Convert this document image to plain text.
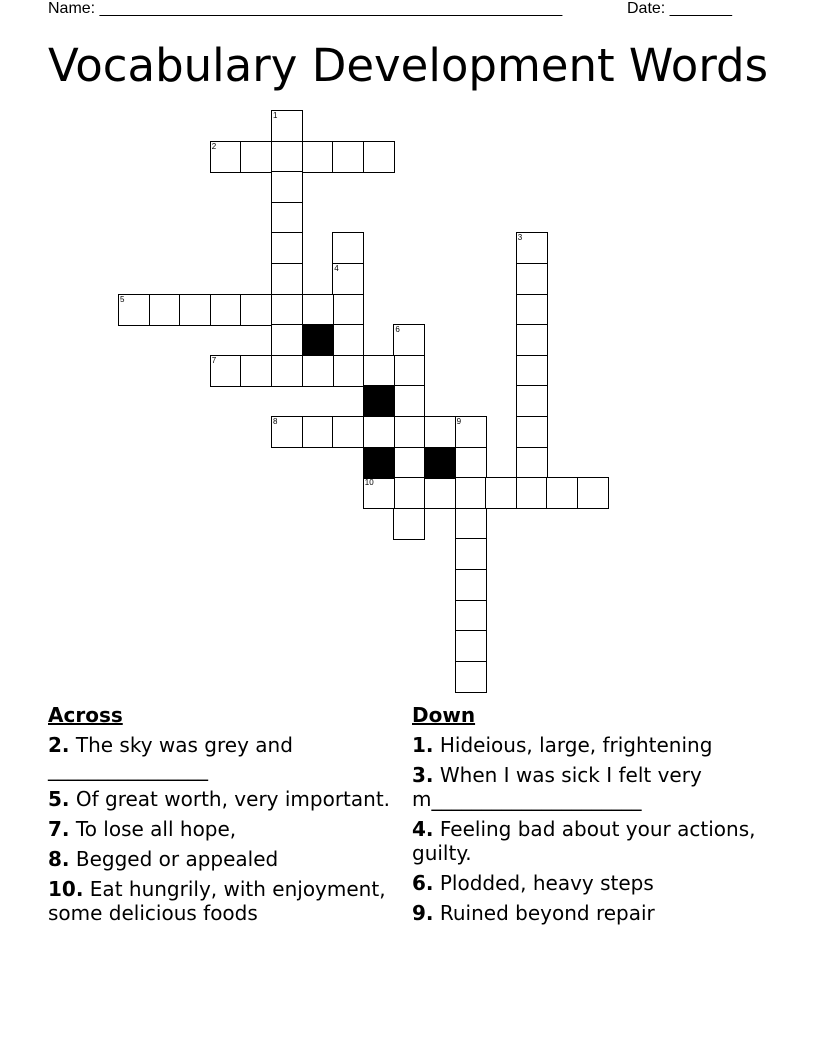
Name: ____________________________________________________	Date: _______
Vocabulary Development Words
2
1
4
5
3
6
7
8	9
10
Across
2. The sky was grey and ________________
5. Of great worth, very important.
7. To lose all hope,
8. Begged or appealed
10. Eat hungrily, with enjoyment, some delicious foods
Down
1. Hideious, large, frightening
3. When I was sick I felt very m_____________________
4. Feeling bad about your actions, guilty.
6. Plodded, heavy steps
9. Ruined beyond repair
